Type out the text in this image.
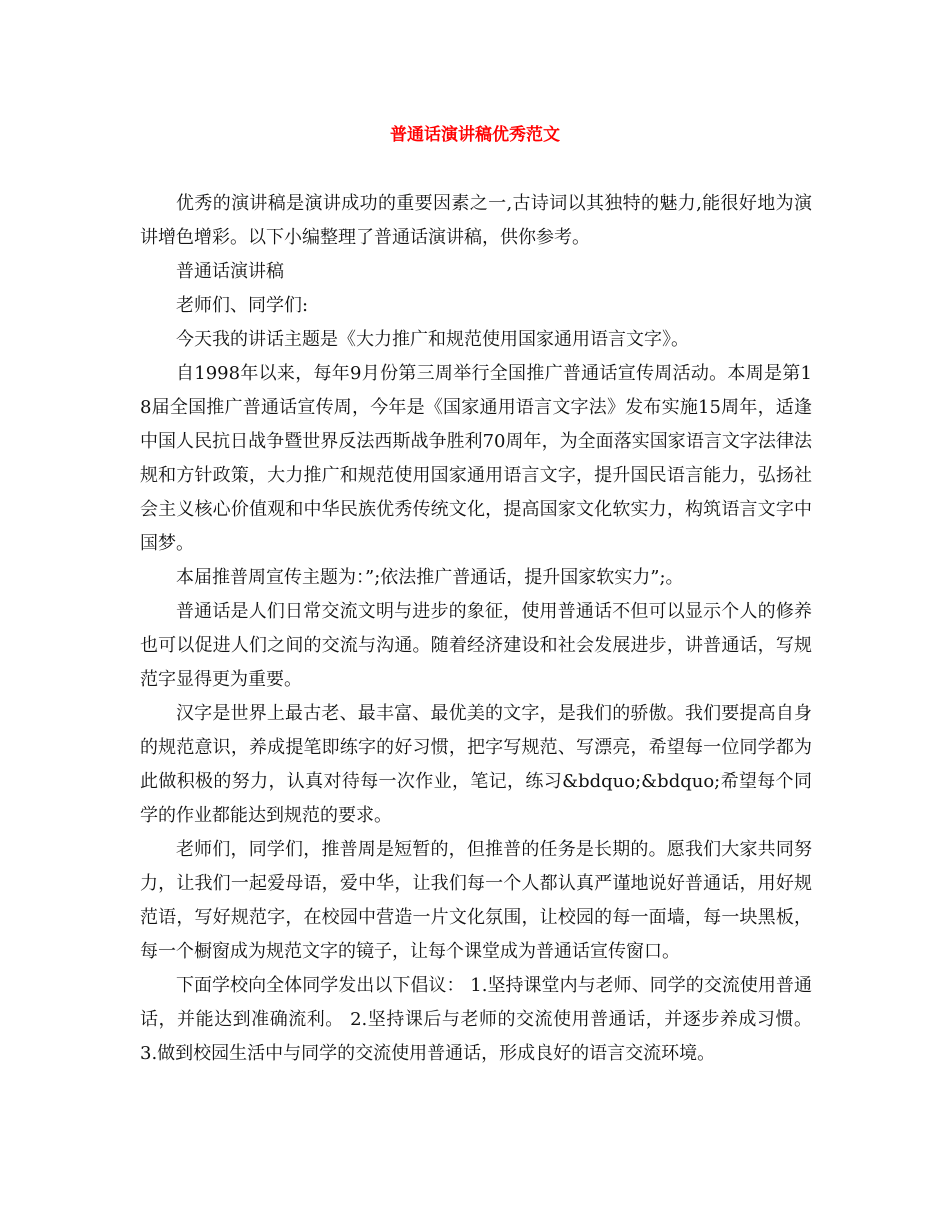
普通话演讲稿优秀范文

优秀的演讲稿是演讲成功的重要因素之一,古诗词以其独特的魅力,能很好地为演讲增色增彩。以下小编整理了普通话演讲稿，供你参考。

普通话演讲稿

老师们、同学们:

今天我的讲话主题是《大力推广和规范使用国家通用语言文字》。

自1998年以来，每年9月份第三周举行全国推广普通话宣传周活动。本周是第18届全国推广普通话宣传周，今年是《国家通用语言文字法》发布实施15周年，适逢中国人民抗日战争暨世界反法西斯战争胜利70周年，为全面落实国家语言文字法律法规和方针政策，大力推广和规范使用国家通用语言文字，提升国民语言能力，弘扬社会主义核心价值观和中华民族优秀传统文化，提高国家文化软实力，构筑语言文字中国梦。

本届推普周宣传主题为：”;依法推广普通话，提升国家软实力”;。

普通话是人们日常交流文明与进步的象征，使用普通话不但可以显示个人的修养也可以促进人们之间的交流与沟通。随着经济建设和社会发展进步，讲普通话，写规范字显得更为重要。

汉字是世界上最古老、最丰富、最优美的文字，是我们的骄傲。我们要提高自身的规范意识，养成提笔即练字的好习惯，把字写规范、写漂亮，希望每一位同学都为此做积极的努力，认真对待每一次作业，笔记，练习&bdquo;&bdquo;希望每个同学的作业都能达到规范的要求。

老师们，同学们，推普周是短暂的，但推普的任务是长期的。愿我们大家共同努力，让我们一起爱母语，爱中华，让我们每一个人都认真严谨地说好普通话，用好规范语，写好规范字，在校园中营造一片文化氛围，让校园的每一面墙，每一块黑板，每一个橱窗成为规范文字的镜子，让每个课堂成为普通话宣传窗口。

下面学校向全体同学发出以下倡议： 1.坚持课堂内与老师、同学的交流使用普通话，并能达到准确流利。 2.坚持课后与老师的交流使用普通话，并逐步养成习惯。 3.做到校园生活中与同学的交流使用普通话，形成良好的语言交流环境。
